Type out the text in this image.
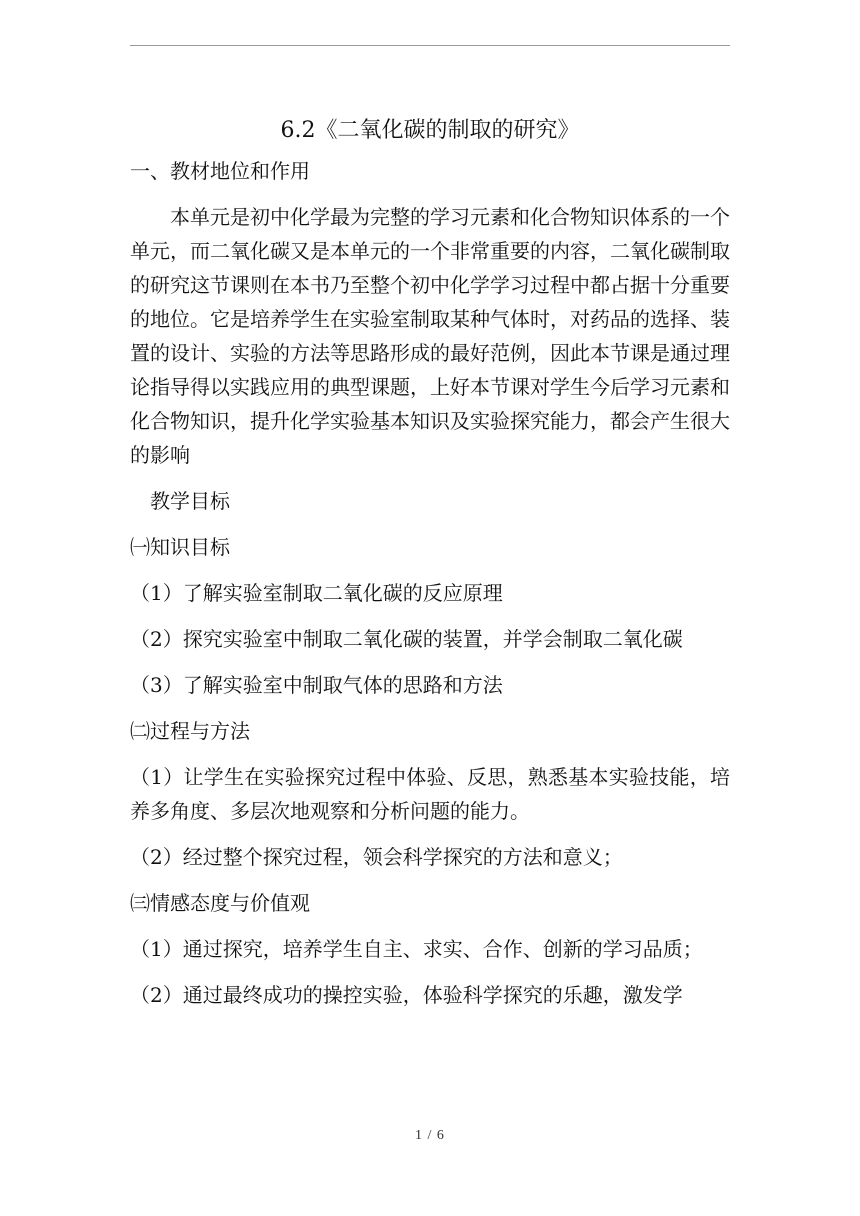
6.2《二氧化碳的制取的研究》
一、教材地位和作用
本单元是初中化学最为完整的学习元素和化合物知识体系的一个单元，而二氧化碳又是本单元的一个非常重要的内容，二氧化碳制取的研究这节课则在本书乃至整个初中化学学习过程中都占据十分重要的地位。它是培养学生在实验室制取某种气体时，对药品的选择、装置的设计、实验的方法等思路形成的最好范例，因此本节课是通过理论指导得以实践应用的典型课题，上好本节课对学生今后学习元素和化合物知识，提升化学实验基本知识及实验探究能力，都会产生很大的影响
教学目标
㈠知识目标
（1）了解实验室制取二氧化碳的反应原理
（2）探究实验室中制取二氧化碳的装置，并学会制取二氧化碳
（3）了解实验室中制取气体的思路和方法
㈡过程与方法
（1）让学生在实验探究过程中体验、反思，熟悉基本实验技能，培养多角度、多层次地观察和分析问题的能力。
（2）经过整个探究过程，领会科学探究的方法和意义；
㈢情感态度与价值观
（1）通过探究，培养学生自主、求实、合作、创新的学习品质；
（2）通过最终成功的操控实验，体验科学探究的乐趣，激发学
1 / 6
